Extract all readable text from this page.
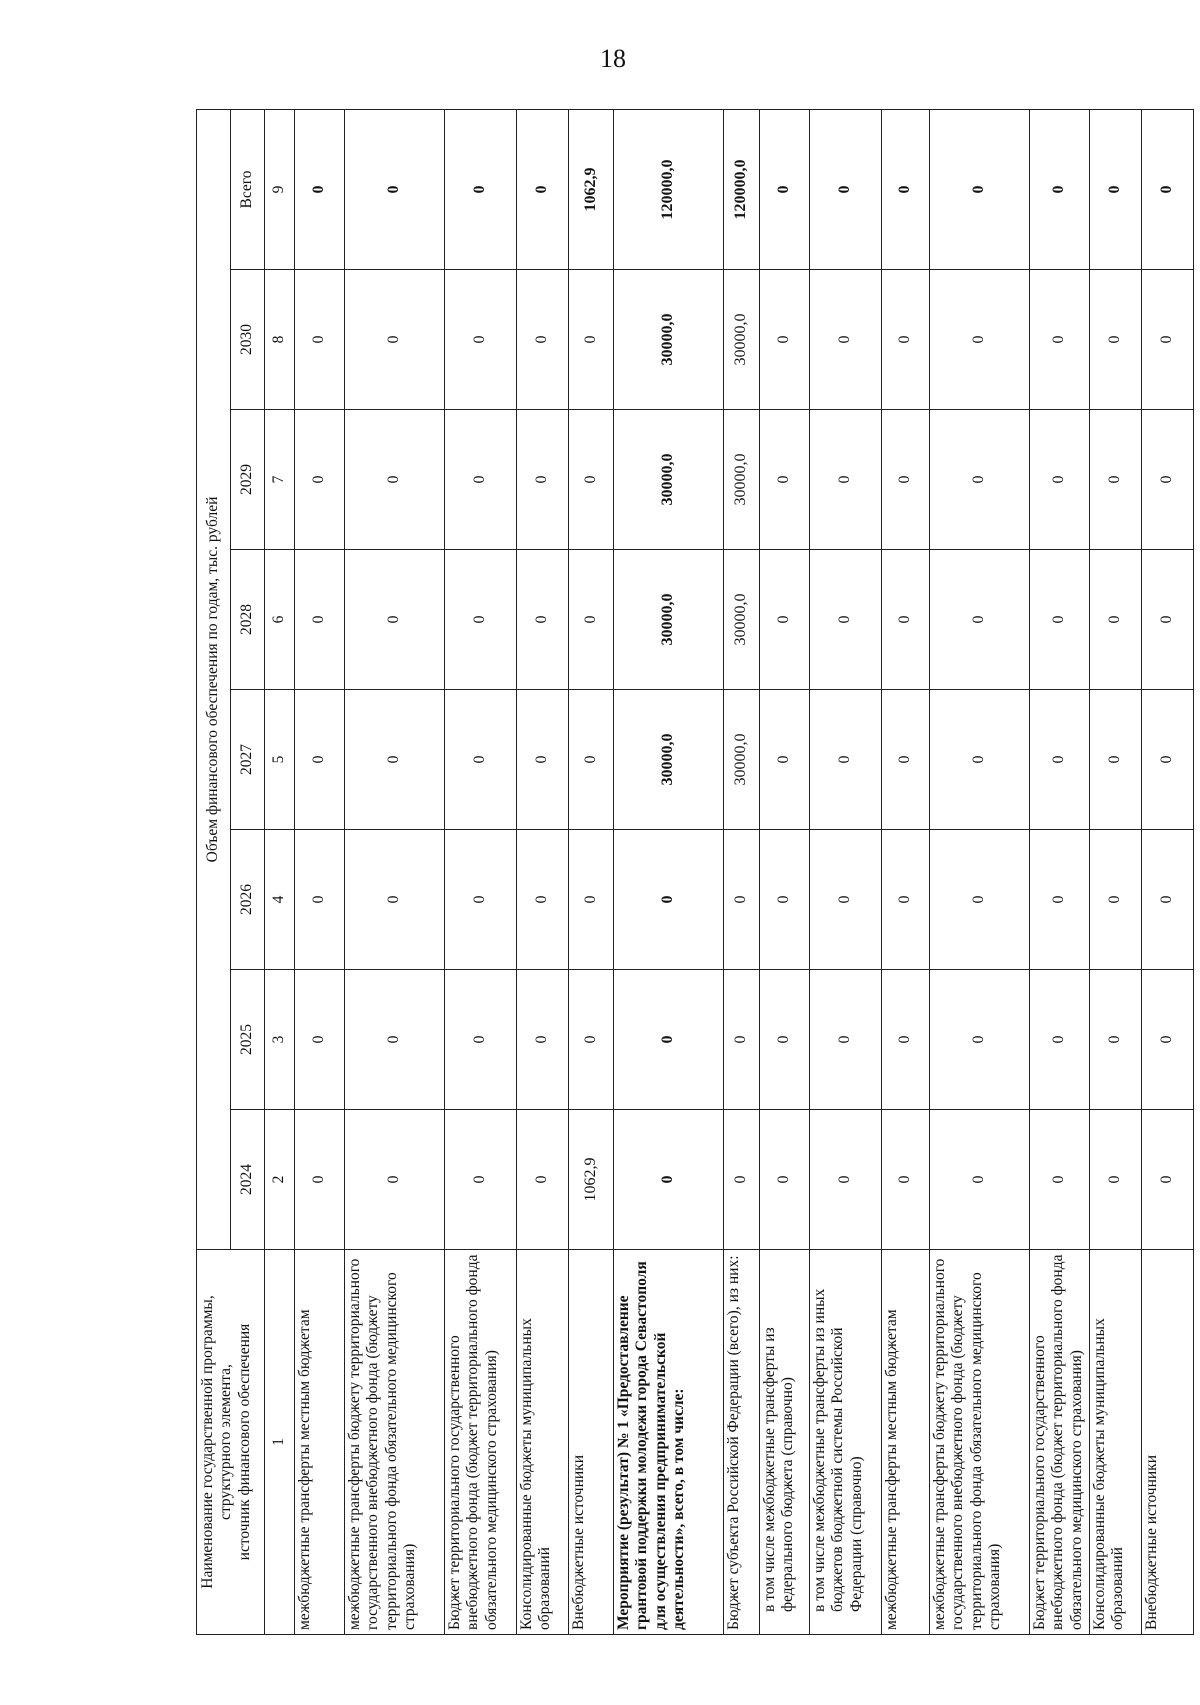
18
Наименование государственной программы, структурного элемента,
источник финансового обеспечения	Объем финансового обеспечения по годам, тыс. рублей							
	2024	2025	2026	2027	2028	2029	2030	Всего
1	2	3	4	5	6	7	8	9
межбюджетные трансферты местным бюджетам	0	0	0	0	0	0	0	0
межбюджетные трансферты бюджету территориального государственного внебюджетного фонда (бюджету территориального фонда обязательного медицинского страхования)	0	0	0	0	0	0	0	0
Бюджет территориального государственного внебюджетного фонда (бюджет территориального фонда обязательного медицинского страхования)	0	0	0	0	0	0	0	0
Консолидированные бюджеты муниципальных образований	0	0	0	0	0	0	0	0
Внебюджетные источники	1062,9	0	0	0	0	0	0	1062,9
Мероприятие (результат) № 1 «Предоставление грантовой поддержки молодежи города Севастополя для осуществления предпринимательской деятельности», всего, в том числе:	0	0	0	30000,0	30000,0	30000,0	30000,0	120000,0
Бюджет субъекта Российской Федерации (всего), из них:	0	0	0	30000,0	30000,0	30000,0	30000,0	120000,0
в том числе межбюджетные трансферты из федерального бюджета (справочно)	0	0	0	0	0	0	0	0
в том числе межбюджетные трансферты из иных бюджетов бюджетной системы Российской Федерации (справочно)	0	0	0	0	0	0	0	0
межбюджетные трансферты местным бюджетам	0	0	0	0	0	0	0	0
межбюджетные трансферты бюджету территориального государственного внебюджетного фонда (бюджету территориального фонда обязательного медицинского страхования)	0	0	0	0	0	0	0	0
Бюджет территориального государственного внебюджетного фонда (бюджет территориального фонда обязательного медицинского страхования)	0	0	0	0	0	0	0	0
Консолидированные бюджеты муниципальных образований	0	0	0	0	0	0	0	0
Внебюджетные источники	0	0	0	0	0	0	0	0
